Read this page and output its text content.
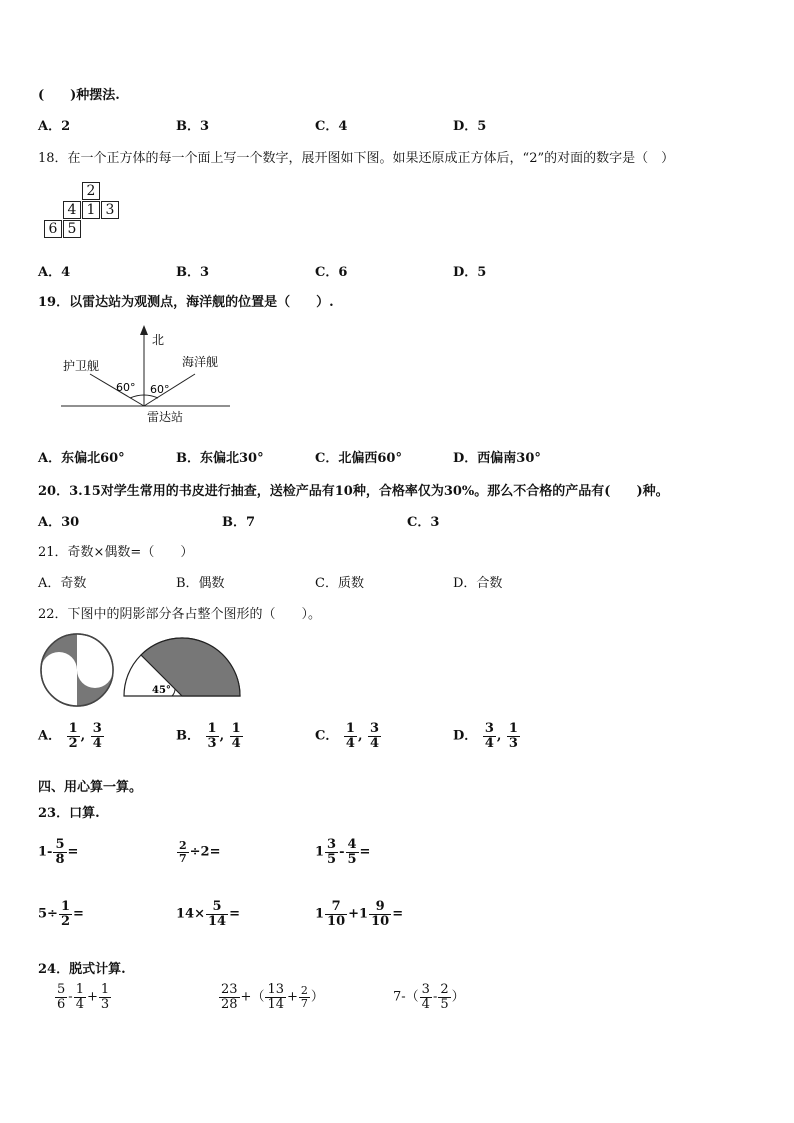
(　　)种摆法.
A．2	B．3	C．4	D．5
18．在一个正方体的每一个面上写一个数字，展开图如下图。如果还原成正方体后，“2”的对面的数字是（　）
2
4 1 3
6 5
A．4	B．3	C．6	D．5
19．以雷达站为观测点，海洋舰的位置是（　　）.
北
护卫舰	海洋舰
60° 60°
雷达站
A．东偏北60°	B．东偏北30°	C．北偏西60°	D．西偏南30°
20．3.15对学生常用的书皮进行抽查，送检产品有10种，合格率仅为30%。那么不合格的产品有(　　)种。
A．30	B．7	C．3
21．奇数×偶数=（　　）
A．奇数	B．偶数	C．质数	D．合数
22．下图中的阴影部分各占整个图形的（　　）。
45°
A． $\frac{1}{2}$ , $\frac{3}{4}$	B． $\frac{1}{3}$ , $\frac{1}{4}$	C． $\frac{1}{4}$ , $\frac{3}{4}$	D． $\frac{3}{4}$ , $\frac{1}{3}$
四、用心算一算。
23．口算.
$1- \frac{5}{8}$ =	$\frac{2}{7} \div 2=$	$1 \frac{3}{5} - \frac{4}{5}$ =
$5\div \frac{1}{2}$ =	$14\times \frac{5}{14}$ =	$1 \frac{7}{10} +1 \frac{9}{10}$ =
24．脱式计算.
$\frac{5}{6} - \frac{1}{4} + \frac{1}{3}$	$\frac{23}{28}$ +（ $\frac{13}{14} + \frac{2}{7}$ ）	$7-( \frac{3}{4} - \frac{2}{5}$ ）
